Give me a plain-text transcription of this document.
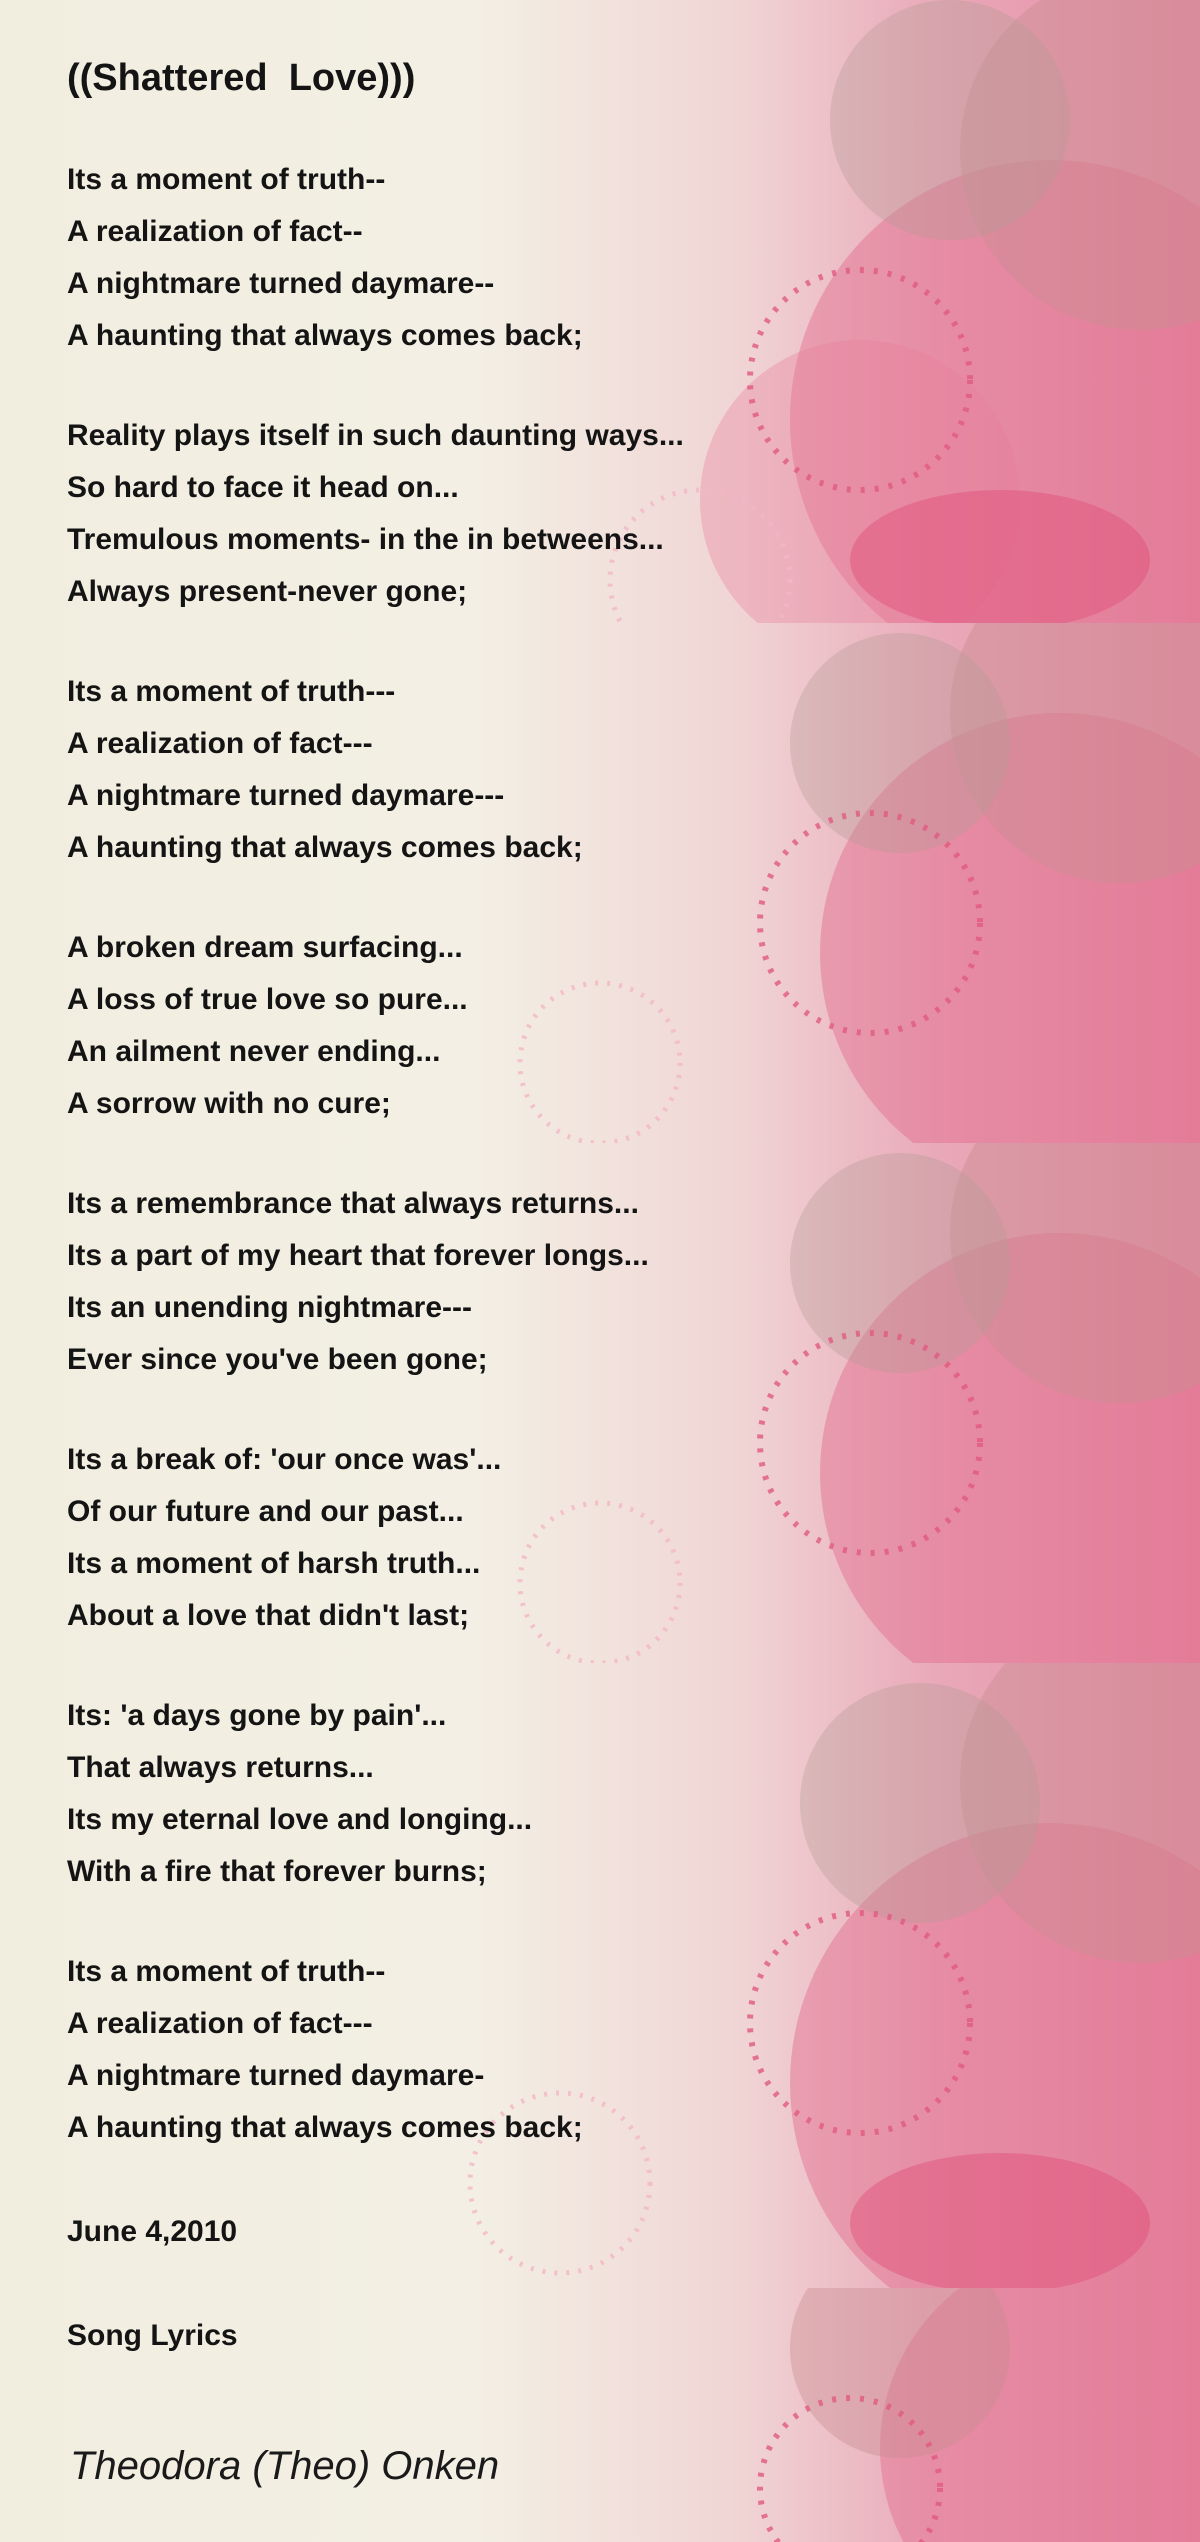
((Shattered  Love)))
Its a moment of truth--
A realization of fact--
A nightmare turned daymare--
A haunting that always comes back;
Reality plays itself in such daunting ways...
So hard to face it head on...
Tremulous moments- in the in betweens...
Always present-never gone;
Its a moment of truth---
A realization of fact---
A nightmare turned daymare---
A haunting that always comes back;
A broken dream surfacing...
A loss of true love so pure...
An ailment never ending...
A sorrow with no cure;
Its a remembrance that always returns...
Its a part of my heart that forever longs...
Its an unending nightmare---
Ever since you've been gone;
Its a break of: 'our once was'...
Of our future and our past...
Its a moment of harsh truth...
About a love that didn't last;
Its: 'a days gone by pain'...
That always returns...
Its my eternal love and longing...
With a fire that forever burns;
Its a moment of truth--
A realization of fact---
A nightmare turned daymare-
A haunting that always comes back;
June 4,2010
Song Lyrics
Theodora (Theo) Onken
